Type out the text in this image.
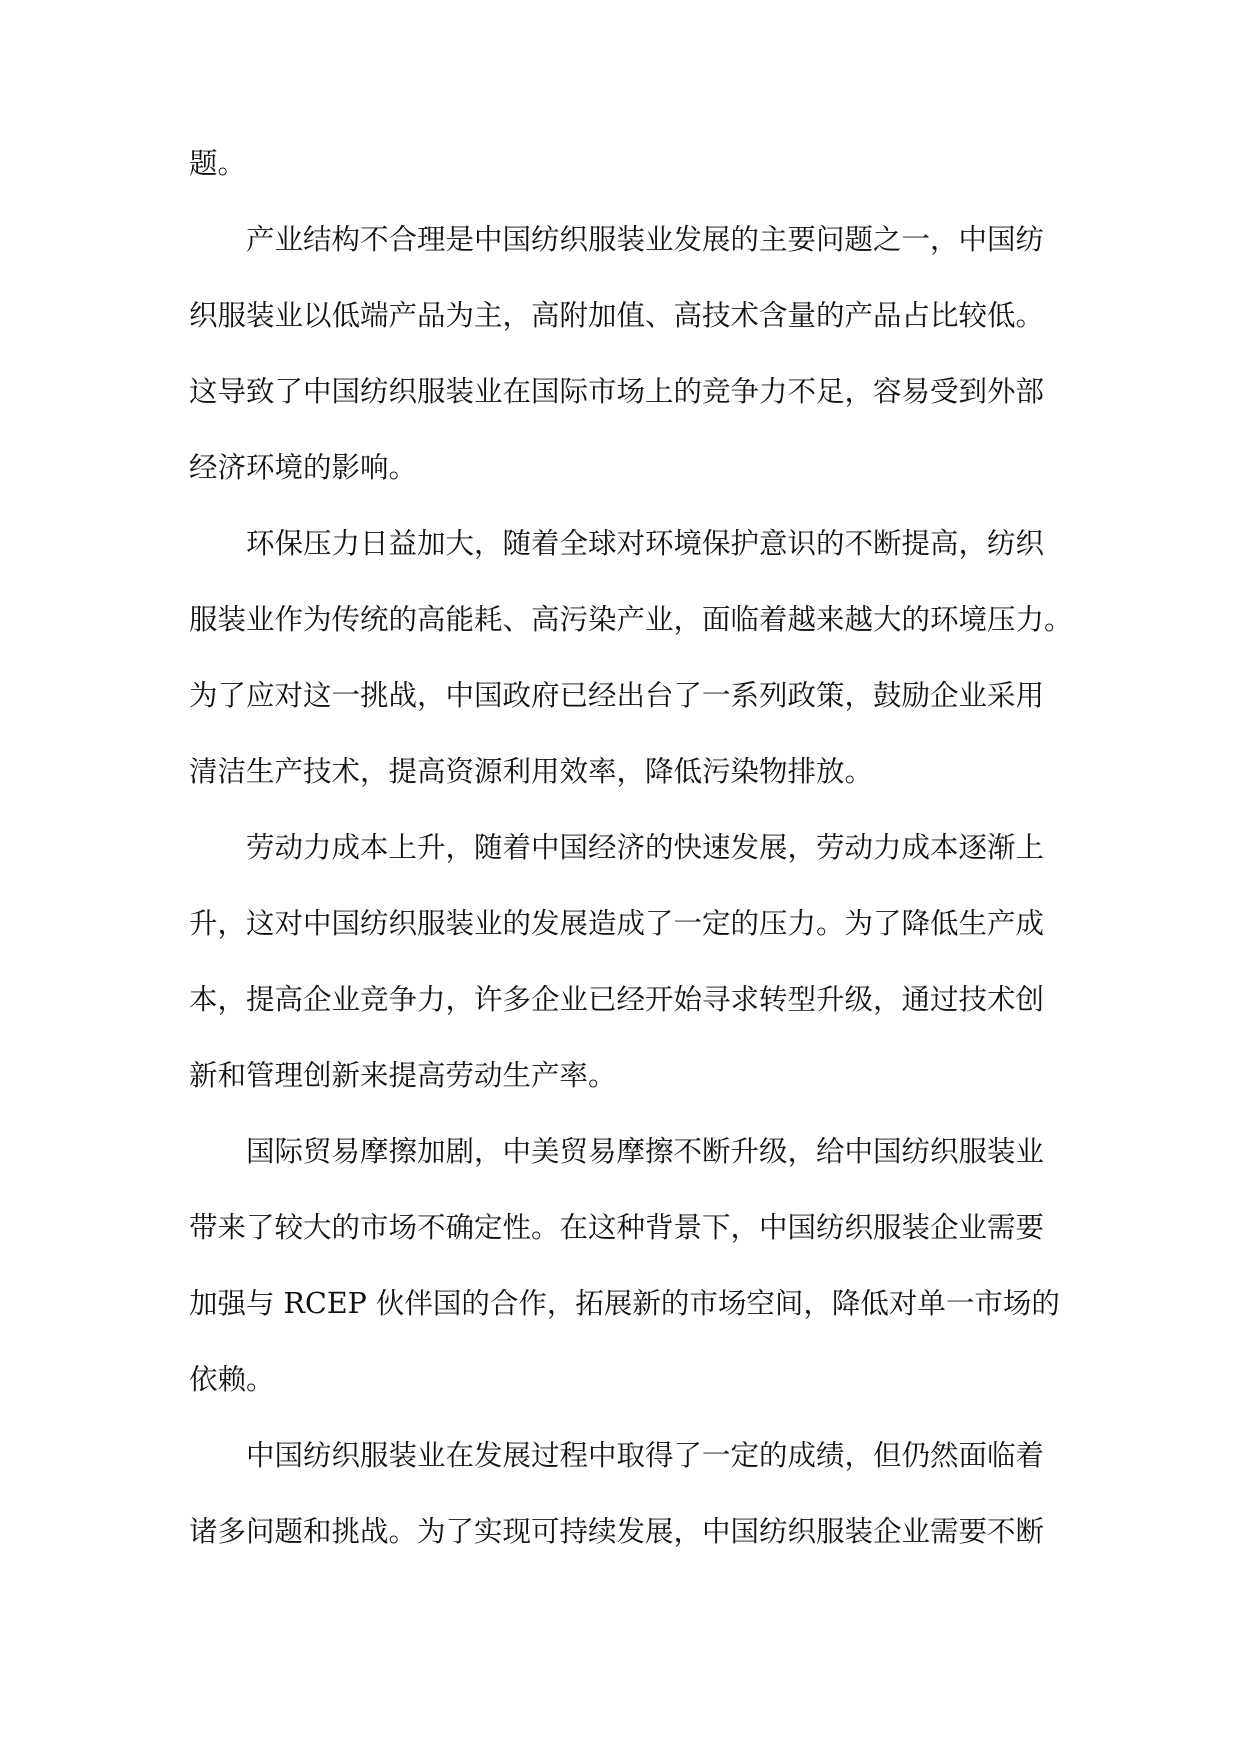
题。
　　产业结构不合理是中国纺织服装业发展的主要问题之一，中国纺
织服装业以低端产品为主，高附加值、高技术含量的产品占比较低。
这导致了中国纺织服装业在国际市场上的竞争力不足，容易受到外部
经济环境的影响。
　　环保压力日益加大，随着全球对环境保护意识的不断提高，纺织
服装业作为传统的高能耗、高污染产业，面临着越来越大的环境压力。
为了应对这一挑战，中国政府已经出台了一系列政策，鼓励企业采用
清洁生产技术，提高资源利用效率，降低污染物排放。
　　劳动力成本上升，随着中国经济的快速发展，劳动力成本逐渐上
升，这对中国纺织服装业的发展造成了一定的压力。为了降低生产成
本，提高企业竞争力，许多企业已经开始寻求转型升级，通过技术创
新和管理创新来提高劳动生产率。
　　国际贸易摩擦加剧，中美贸易摩擦不断升级，给中国纺织服装业
带来了较大的市场不确定性。在这种背景下，中国纺织服装企业需要
加强与 RCEP 伙伴国的合作，拓展新的市场空间，降低对单一市场的
依赖。
　　中国纺织服装业在发展过程中取得了一定的成绩，但仍然面临着
诸多问题和挑战。为了实现可持续发展，中国纺织服装企业需要不断
